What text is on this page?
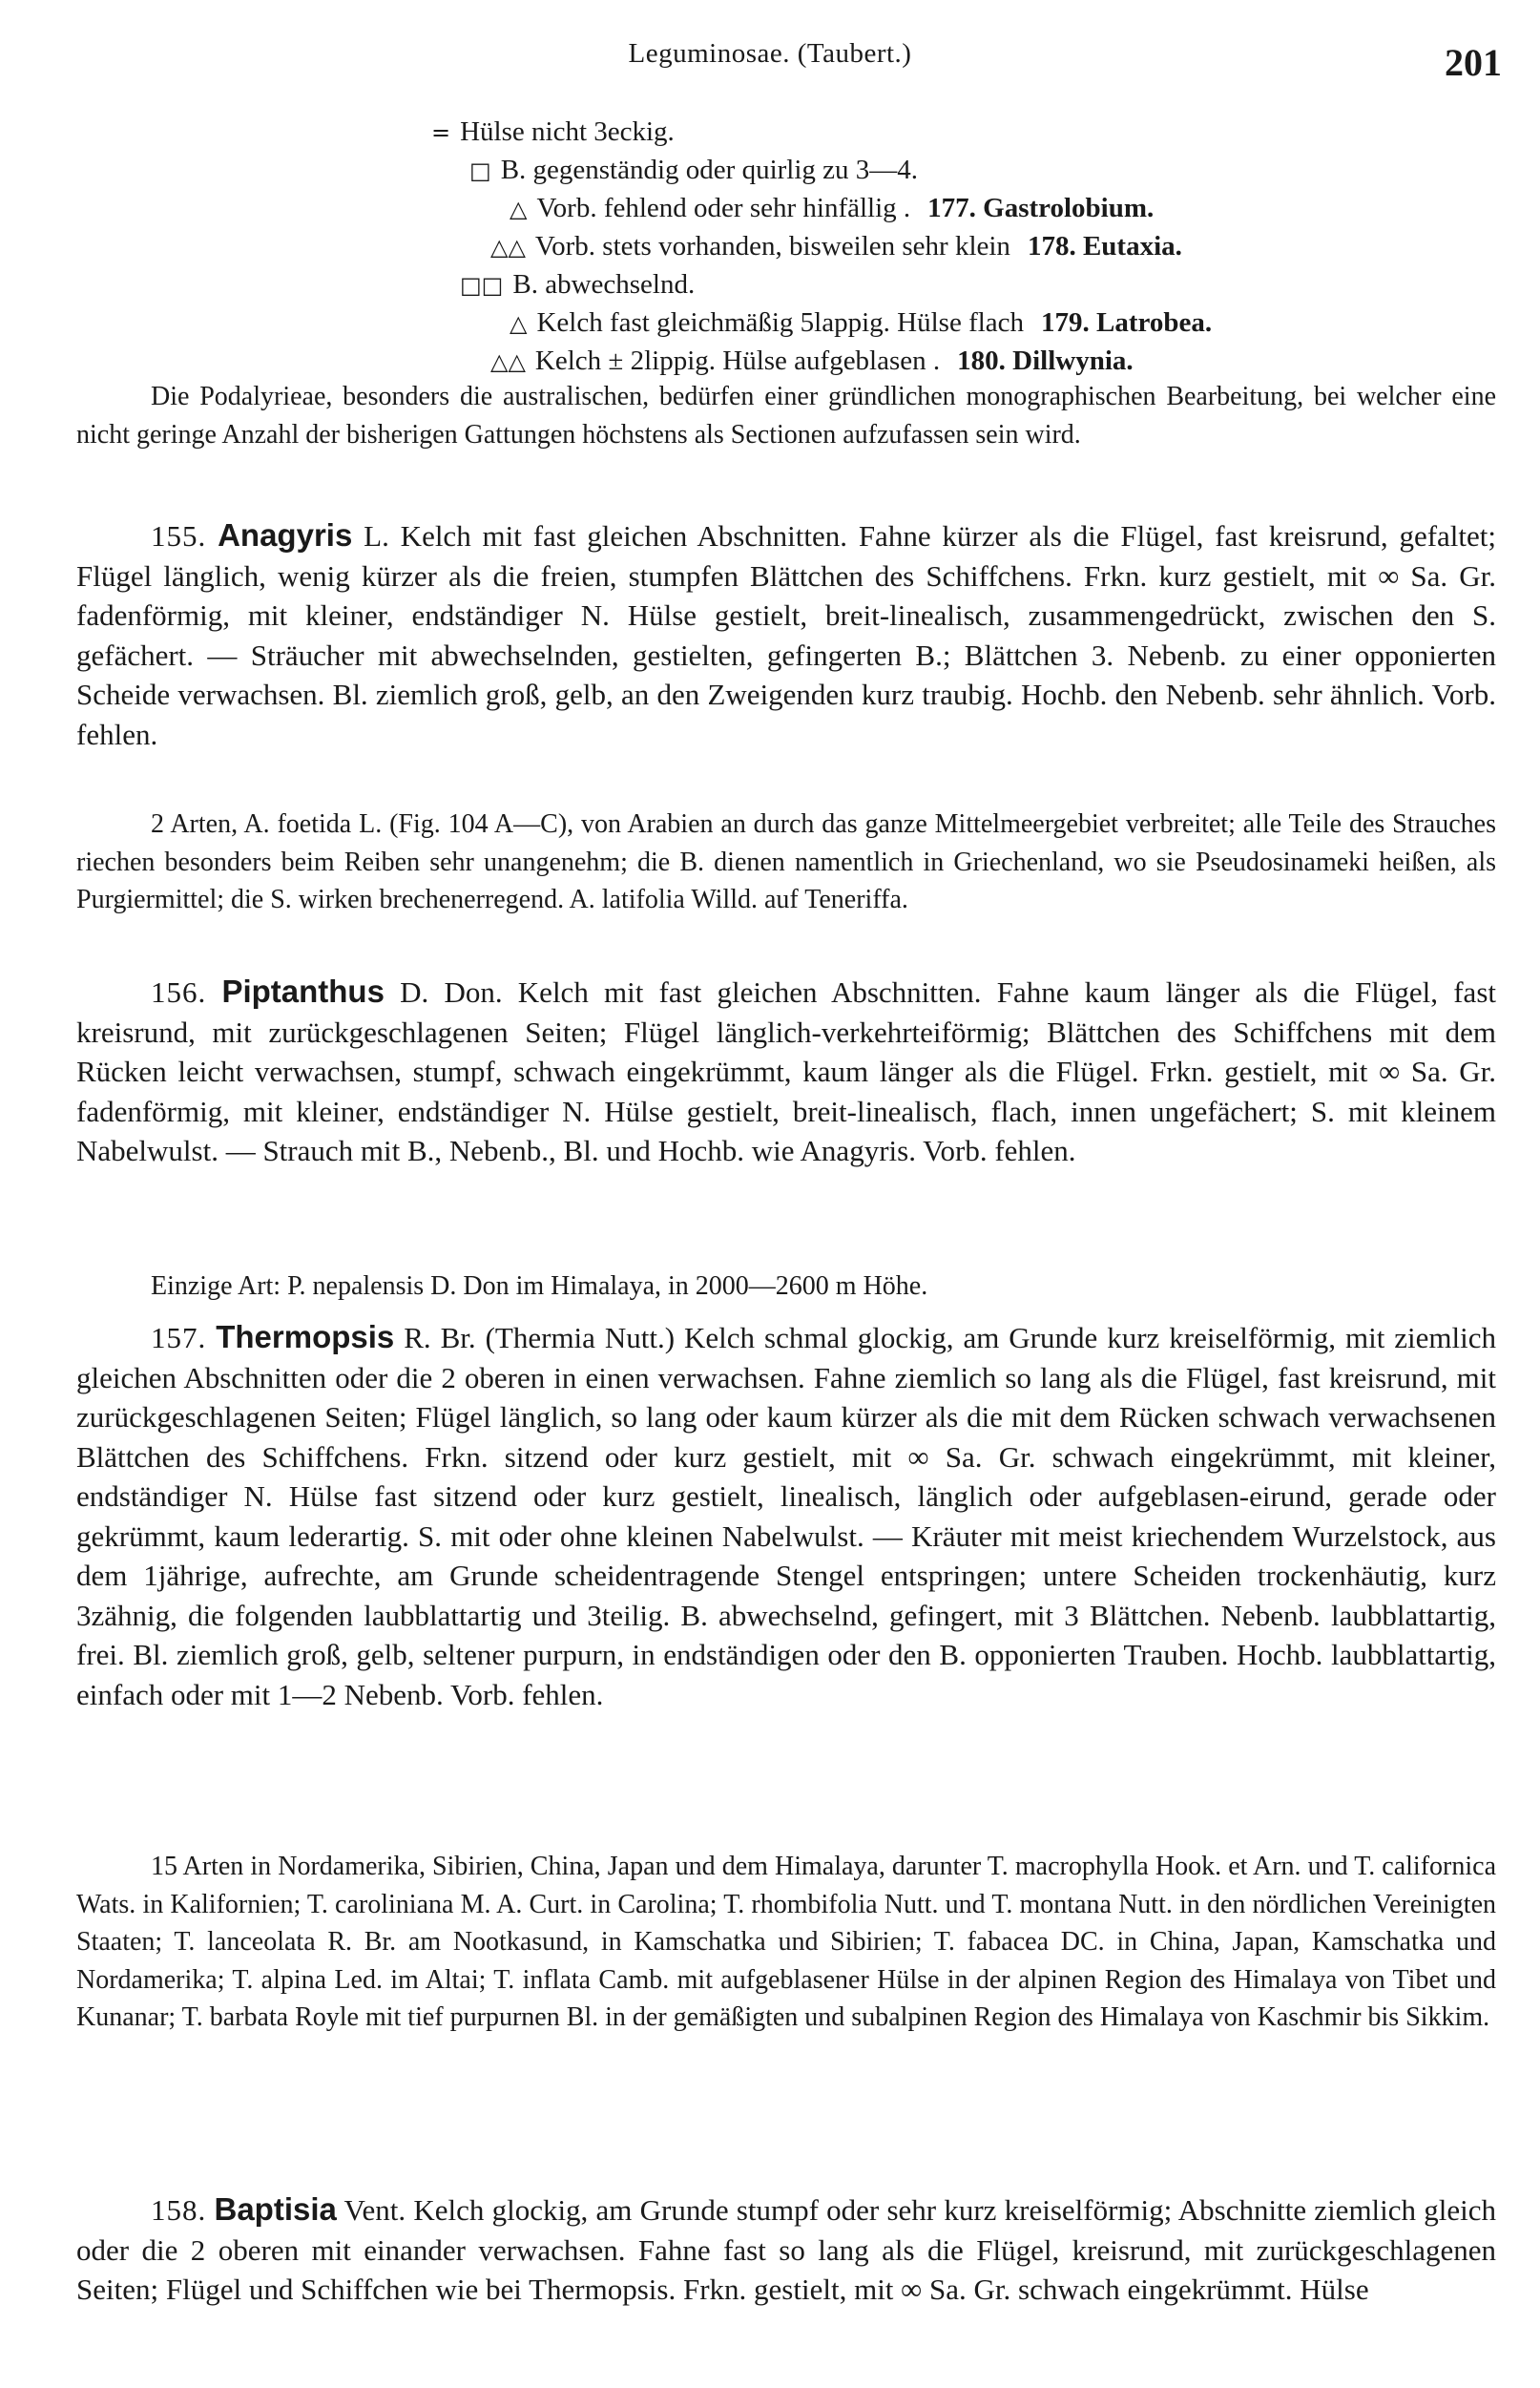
Leguminosae. (Taubert.)	201
= Hülse nicht 3eckig.
□ B. gegenständig oder quirlig zu 3—4.
△ Vorb. fehlend oder sehr hinfällig . 177. Gastrolobium.
△△ Vorb. stets vorhanden, bisweilen sehr klein 178. Eutaxia.
□□ B. abwechselnd.
△ Kelch fast gleichmäßig 5lappig. Hülse flach 179. Latrobea.
△△ Kelch ± 2lippig. Hülse aufgeblasen . 180. Dillwynia.

Die Podalyrieae, besonders die australischen, bedürfen einer gründlichen monographischen Bearbeitung, bei welcher eine nicht geringe Anzahl der bisherigen Gattungen höchstens als Sectionen aufzufassen sein wird.

155. Anagyris L. Kelch mit fast gleichen Abschnitten. Fahne kürzer als die Flügel, fast kreisrund, gefaltet; Flügel länglich, wenig kürzer als die freien, stumpfen Blättchen des Schiffchens. Frkn. kurz gestielt, mit ∞ Sa. Gr. fadenförmig, mit kleiner, endständiger N. Hülse gestielt, breit-linealisch, zusammengedrückt, zwischen den S. gefächert. — Sträucher mit abwechselnden, gestielten, gefingerten B.; Blättchen 3. Nebenb. zu einer opponierten Scheide verwachsen. Bl. ziemlich groß, gelb, an den Zweigenden kurz traubig. Hochb. den Nebenb. sehr ähnlich. Vorb. fehlen.

2 Arten, A. foetida L. (Fig. 104 A—C), von Arabien an durch das ganze Mittelmeergebiet verbreitet; alle Teile des Strauches riechen besonders beim Reiben sehr unangenehm; die B. dienen namentlich in Griechenland, wo sie Pseudosinameki heißen, als Purgiermittel; die S. wirken brechenerregend. A. latifolia Willd. auf Teneriffa.

156. Piptanthus D. Don. Kelch mit fast gleichen Abschnitten. Fahne kaum länger als die Flügel, fast kreisrund, mit zurückgeschlagenen Seiten; Flügel länglich-verkehrteiförmig; Blättchen des Schiffchens mit dem Rücken leicht verwachsen, stumpf, schwach eingekrümmt, kaum länger als die Flügel. Frkn. gestielt, mit ∞ Sa. Gr. fadenförmig, mit kleiner, endständiger N. Hülse gestielt, breit-linealisch, flach, innen ungefächert; S. mit kleinem Nabelwulst. — Strauch mit B., Nebenb., Bl. und Hochb. wie Anagyris. Vorb. fehlen.

Einzige Art: P. nepalensis D. Don im Himalaya, in 2000—2600 m Höhe.

157. Thermopsis R. Br. (Thermia Nutt.) Kelch schmal glockig, am Grunde kurz kreiselförmig, mit ziemlich gleichen Abschnitten oder die 2 oberen in einen verwachsen. Fahne ziemlich so lang als die Flügel, fast kreisrund, mit zurückgeschlagenen Seiten; Flügel länglich, so lang oder kaum kürzer als die mit dem Rücken schwach verwachsenen Blättchen des Schiffchens. Frkn. sitzend oder kurz gestielt, mit ∞ Sa. Gr. schwach eingekrümmt, mit kleiner, endständiger N. Hülse fast sitzend oder kurz gestielt, linealisch, länglich oder aufgeblasen-eirund, gerade oder gekrümmt, kaum lederartig. S. mit oder ohne kleinen Nabelwulst. — Kräuter mit meist kriechendem Wurzelstock, aus dem 1jährige, aufrechte, am Grunde scheidentragende Stengel entspringen; untere Scheiden trockenhäutig, kurz 3zähnig, die folgenden laubblattartig und 3teilig. B. abwechselnd, gefingert, mit 3 Blättchen. Nebenb. laubblattartig, frei. Bl. ziemlich groß, gelb, seltener purpurn, in endständigen oder den B. opponierten Trauben. Hochb. laubblattartig, einfach oder mit 1—2 Nebenb. Vorb. fehlen.

15 Arten in Nordamerika, Sibirien, China, Japan und dem Himalaya, darunter T. macrophylla Hook. et Arn. und T. californica Wats. in Kalifornien; T. caroliniana M. A. Curt. in Carolina; T. rhombifolia Nutt. und T. montana Nutt. in den nördlichen Vereinigten Staaten; T. lanceolata R. Br. am Nootkasund, in Kamschatka und Sibirien; T. fabacea DC. in China, Japan, Kamschatka und Nordamerika; T. alpina Led. im Altai; T. inflata Camb. mit aufgeblasener Hülse in der alpinen Region des Himalaya von Tibet und Kunanar; T. barbata Royle mit tief purpurnen Bl. in der gemäßigten und subalpinen Region des Himalaya von Kaschmir bis Sikkim.

158. Baptisia Vent. Kelch glockig, am Grunde stumpf oder sehr kurz kreiselförmig; Abschnitte ziemlich gleich oder die 2 oberen mit einander verwachsen. Fahne fast so lang als die Flügel, kreisrund, mit zurückgeschlagenen Seiten; Flügel und Schiffchen wie bei Thermopsis. Frkn. gestielt, mit ∞ Sa. Gr. schwach eingekrümmt. Hülse
